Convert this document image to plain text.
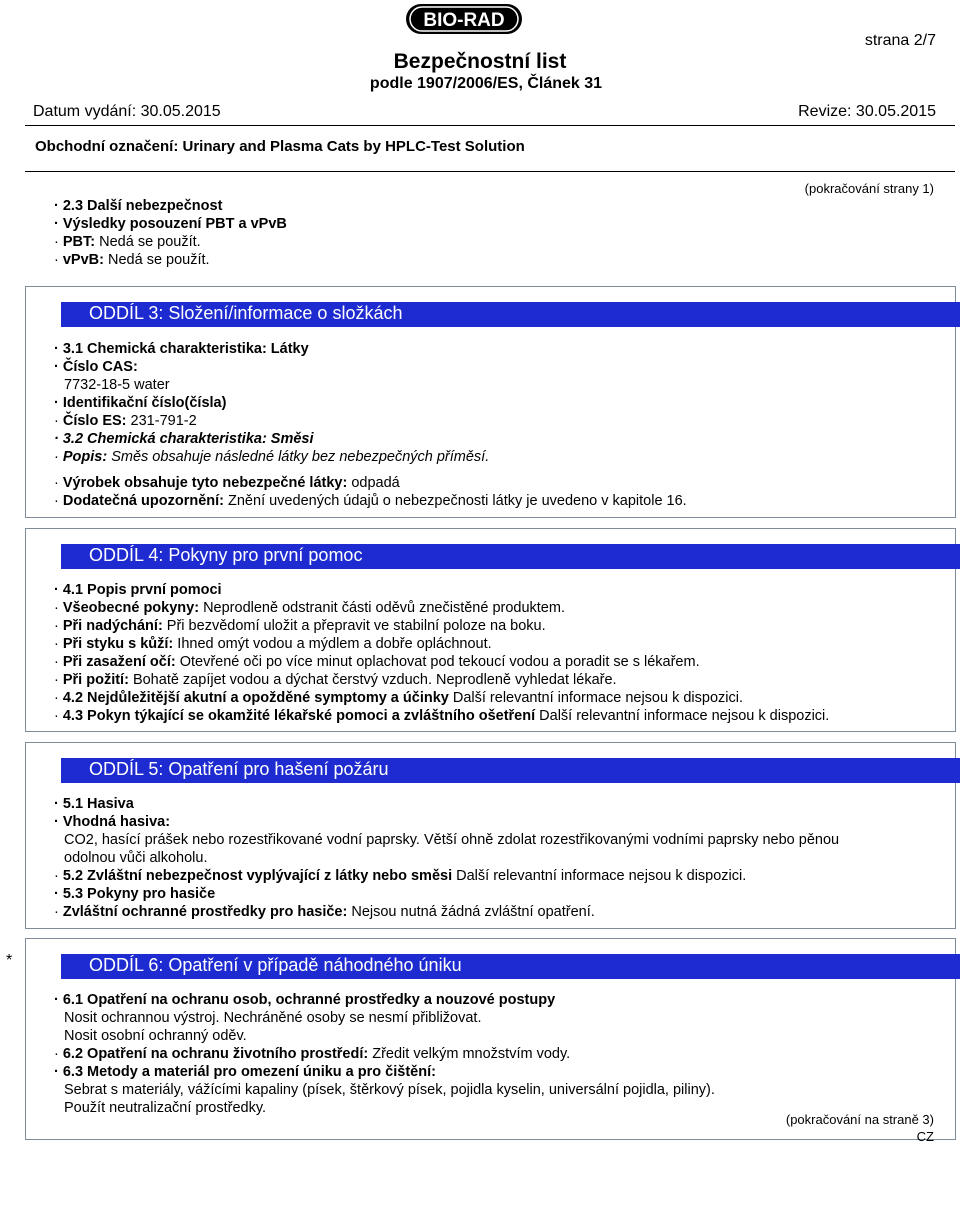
BIO-RAD
strana 2/7
Bezpečnostní list
podle 1907/2006/ES, Článek 31
Datum vydání: 30.05.2015	Revize: 30.05.2015
Obchodní označení: Urinary and Plasma Cats by HPLC-Test Solution
(pokračování strany 1)
· 2.3 Další nebezpečnost
· Výsledky posouzení PBT a vPvB
· PBT: Nedá se použít.
· vPvB: Nedá se použít.
ODDÍL 3: Složení/informace o složkách
· 3.1 Chemická charakteristika: Látky
· Číslo CAS:
7732-18-5 water
· Identifikační číslo(čísla)
· Číslo ES: 231-791-2
· 3.2 Chemická charakteristika: Směsi
· Popis: Směs obsahuje následné látky bez nebezpečných příměsí.
· Výrobek obsahuje tyto nebezpečné látky: odpadá
· Dodatečná upozornění: Znění uvedených údajů o nebezpečnosti látky je uvedeno v kapitole 16.
ODDÍL 4: Pokyny pro první pomoc
· 4.1 Popis první pomoci
· Všeobecné pokyny: Neprodleně odstranit části oděvů znečistěné produktem.
· Při nadýchání: Při bezvědomí uložit a přepravit ve stabilní poloze na boku.
· Při styku s kůží: Ihned omýt vodou a mýdlem a dobře opláchnout.
· Při zasažení očí: Otevřené oči po více minut oplachovat pod tekoucí vodou a poradit se s lékařem.
· Při požití: Bohatě zapíjet vodou a dýchat čerstvý vzduch. Neprodleně vyhledat lékaře.
· 4.2 Nejdůležitější akutní a opožděné symptomy a účinky Další relevantní informace nejsou k dispozici.
· 4.3 Pokyn týkající se okamžité lékařské pomoci a zvláštního ošetření Další relevantní informace nejsou k dispozici.
ODDÍL 5: Opatření pro hašení požáru
· 5.1 Hasiva
· Vhodná hasiva:
CO2, hasící prášek nebo rozestřikované vodní paprsky. Větší ohně zdolat rozestřikovanými vodními paprsky nebo pěnou
odolnou vůči alkoholu.
· 5.2 Zvláštní nebezpečnost vyplývající z látky nebo směsi Další relevantní informace nejsou k dispozici.
· 5.3 Pokyny pro hasiče
· Zvláštní ochranné prostředky pro hasiče: Nejsou nutná žádná zvláštní opatření.
*	ODDÍL 6: Opatření v případě náhodného úniku
· 6.1 Opatření na ochranu osob, ochranné prostředky a nouzové postupy
Nosit ochrannou výstroj. Nechráněné osoby se nesmí přibližovat.
Nosit osobní ochranný oděv.
· 6.2 Opatření na ochranu životního prostředí: Zředit velkým množstvím vody.
· 6.3 Metody a materiál pro omezení úniku a pro čištění:
Sebrat s materiály, vážícími kapaliny (písek, štěrkový písek, pojidla kyselin, universální pojidla, piliny).
Použít neutralizační prostředky.
(pokračování na straně 3)
CZ
